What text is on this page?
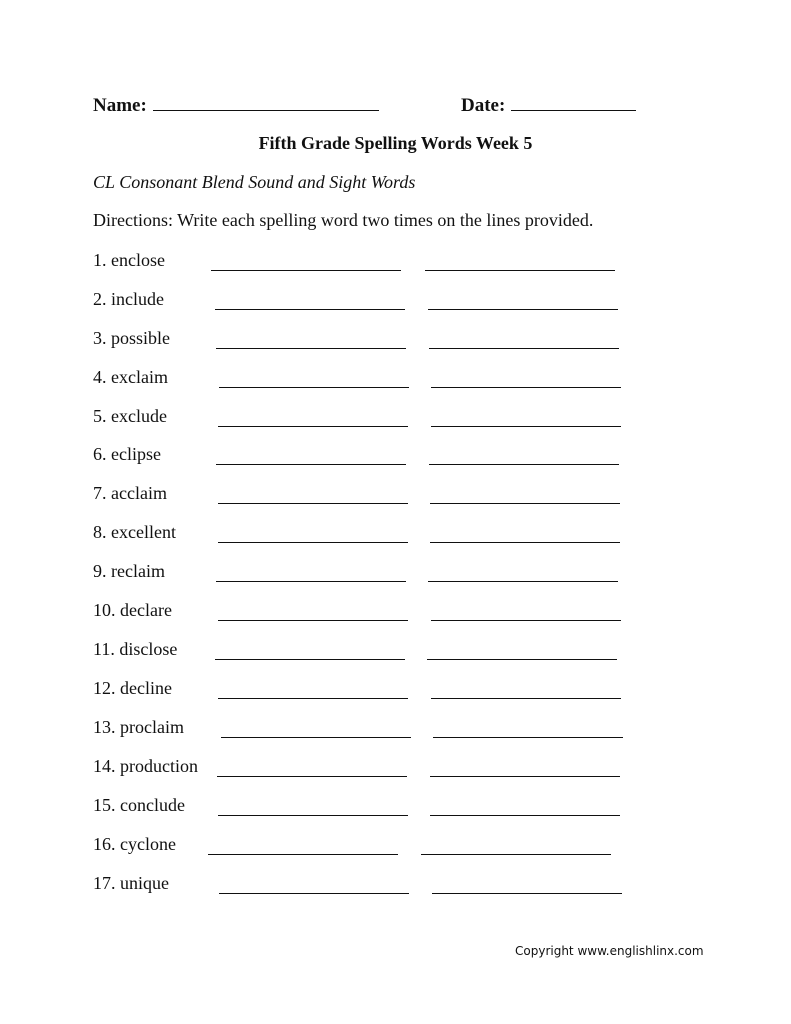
Name:	Date:
Fifth Grade Spelling Words Week 5
CL Consonant Blend Sound and Sight Words
Directions: Write each spelling word two times on the lines provided.
1. enclose
2. include
3. possible
4. exclaim
5. exclude
6. eclipse
7. acclaim
8. excellent
9. reclaim
10. declare
11. disclose
12. decline
13. proclaim
14. production
15. conclude
16. cyclone
17. unique
Copyright www.englishlinx.com
